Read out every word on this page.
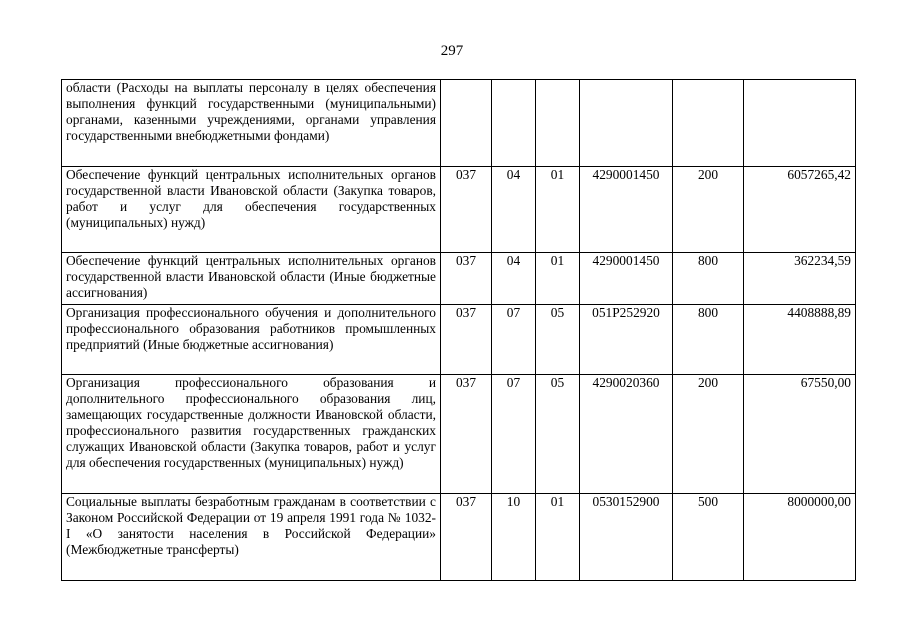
297
области (Расходы на выплаты персоналу в целях обеспечения выполнения функций государственными (муниципальными) органами, казенными учреждениями, органами управления государственными внебюджетными фондами)						
Обеспечение функций центральных исполнительных органов государственной власти Ивановской области (Закупка товаров, работ и услуг для обеспечения государственных (муниципальных) нужд)	037	04	01	4290001450	200	6057265,42
Обеспечение функций центральных исполнительных органов государственной власти Ивановской области (Иные бюджетные ассигнования)	037	04	01	4290001450	800	362234,59
Организация профессионального обучения и дополнительного профессионального образования работников промышленных предприятий (Иные бюджетные ассигнования)	037	07	05	051P252920	800	4408888,89
Организация профессионального образования и дополнительного профессионального образования лиц, замещающих государственные должности Ивановской области, профессионального развития государственных гражданских служащих Ивановской области (Закупка товаров, работ и услуг для обеспечения государственных (муниципальных) нужд)	037	07	05	4290020360	200	67550,00
Социальные выплаты безработным гражданам в соответствии с Законом Российской Федерации от 19 апреля 1991 года № 1032-I «О занятости населения в Российской Федерации» (Межбюджетные трансферты)	037	10	01	0530152900	500	8000000,00
